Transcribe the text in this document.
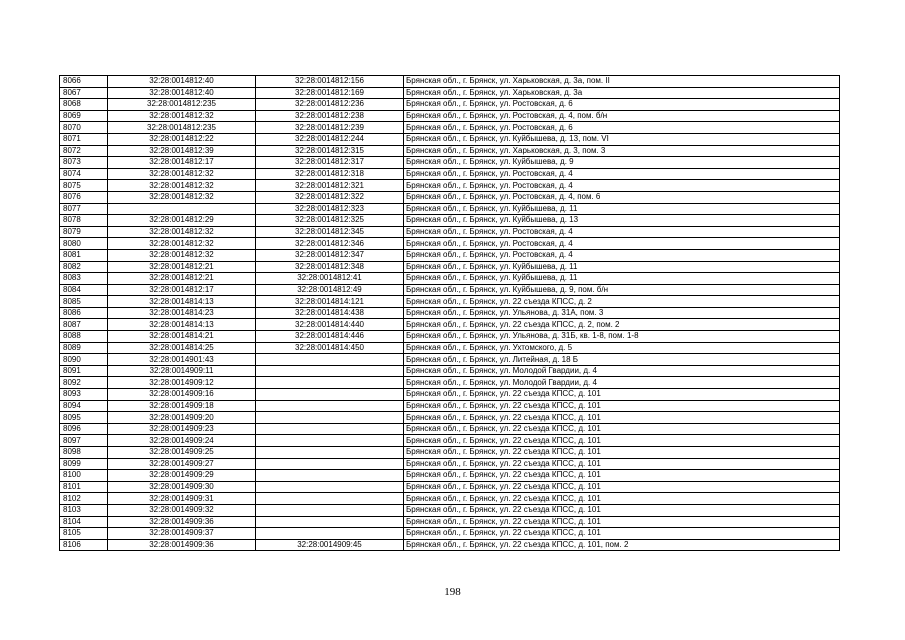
8066	32:28:0014812:40	32:28:0014812:156	Брянская обл., г. Брянск, ул. Харьковская, д. 3а, пом. II
8067	32:28:0014812:40	32:28:0014812:169	Брянская обл., г. Брянск, ул. Харьковская, д. 3а
8068	32:28:0014812:235	32:28:0014812:236	Брянская обл., г. Брянск, ул. Ростовская, д. 6
8069	32:28:0014812:32	32:28:0014812:238	Брянская обл., г. Брянск, ул. Ростовская, д. 4, пом. б/н
8070	32:28:0014812:235	32:28:0014812:239	Брянская обл., г. Брянск, ул. Ростовская, д. 6
8071	32:28:0014812:22	32:28:0014812:244	Брянская обл., г. Брянск, ул. Куйбышева, д. 13, пом. VI
8072	32:28:0014812:39	32:28:0014812:315	Брянская обл., г. Брянск, ул. Харьковская, д. 3, пом. 3
8073	32:28:0014812:17	32:28:0014812:317	Брянская обл., г. Брянск, ул. Куйбышева, д. 9
8074	32:28:0014812:32	32:28:0014812:318	Брянская обл., г. Брянск, ул. Ростовская, д. 4
8075	32:28:0014812:32	32:28:0014812:321	Брянская обл., г. Брянск, ул. Ростовская, д. 4
8076	32:28:0014812:32	32:28:0014812:322	Брянская обл., г. Брянск, ул. Ростовская, д. 4, пом. 6
8077		32:28:0014812:323	Брянская обл., г. Брянск, ул. Куйбышева, д. 11
8078	32:28:0014812:29	32:28:0014812:325	Брянская обл., г. Брянск, ул. Куйбышева, д. 13
8079	32:28:0014812:32	32:28:0014812:345	Брянская обл., г. Брянск, ул. Ростовская, д. 4
8080	32:28:0014812:32	32:28:0014812:346	Брянская обл., г. Брянск, ул. Ростовская, д. 4
8081	32:28:0014812:32	32:28:0014812:347	Брянская обл., г. Брянск, ул. Ростовская, д. 4
8082	32:28:0014812:21	32:28:0014812:348	Брянская обл., г. Брянск, ул. Куйбышева, д. 11
8083	32:28:0014812:21	32:28:0014812:41	Брянская обл., г. Брянск, ул. Куйбышева, д. 11
8084	32:28:0014812:17	32:28:0014812:49	Брянская обл., г. Брянск, ул. Куйбышева, д. 9, пом. б/н
8085	32:28:0014814:13	32:28:0014814:121	Брянская обл., г. Брянск, ул. 22 съезда КПСС, д. 2
8086	32:28:0014814:23	32:28:0014814:438	Брянская обл., г. Брянск, ул. Ульянова, д. 31А, пом. 3
8087	32:28:0014814:13	32:28:0014814:440	Брянская обл., г. Брянск, ул. 22 съезда КПСС, д. 2, пом. 2
8088	32:28:0014814:21	32:28:0014814:446	Брянская обл., г. Брянск, ул. Ульянова, д. 31Б, кв. 1-8, пом. 1-8
8089	32:28:0014814:25	32:28:0014814:450	Брянская обл., г. Брянск, ул. Ухтомского, д. 5
8090	32:28:0014901:43		Брянская обл., г. Брянск, ул. Литейная, д. 18 Б
8091	32:28:0014909:11		Брянская обл., г. Брянск, ул. Молодой Гвардии, д. 4
8092	32:28:0014909:12		Брянская обл., г. Брянск, ул. Молодой Гвардии, д. 4
8093	32:28:0014909:16		Брянская обл., г. Брянск, ул. 22 съезда КПСС, д. 101
8094	32:28:0014909:18		Брянская обл., г. Брянск, ул. 22 съезда КПСС, д. 101
8095	32:28:0014909:20		Брянская обл., г. Брянск, ул. 22 съезда КПСС, д. 101
8096	32:28:0014909:23		Брянская обл., г. Брянск, ул. 22 съезда КПСС, д. 101
8097	32:28:0014909:24		Брянская обл., г. Брянск, ул. 22 съезда КПСС, д. 101
8098	32:28:0014909:25		Брянская обл., г. Брянск, ул. 22 съезда КПСС, д. 101
8099	32:28:0014909:27		Брянская обл., г. Брянск, ул. 22 съезда КПСС, д. 101
8100	32:28:0014909:29		Брянская обл., г. Брянск, ул. 22 съезда КПСС, д. 101
8101	32:28:0014909:30		Брянская обл., г. Брянск, ул. 22 съезда КПСС, д. 101
8102	32:28:0014909:31		Брянская обл., г. Брянск, ул. 22 съезда КПСС, д. 101
8103	32:28:0014909:32		Брянская обл., г. Брянск, ул. 22 съезда КПСС, д. 101
8104	32:28:0014909:36		Брянская обл., г. Брянск, ул. 22 съезда КПСС, д. 101
8105	32:28:0014909:37		Брянская обл., г. Брянск, ул. 22 съезда КПСС, д. 101
8106	32:28:0014909:36	32:28:0014909:45	Брянская обл., г. Брянск, ул. 22 съезда КПСС, д. 101, пом. 2
198
